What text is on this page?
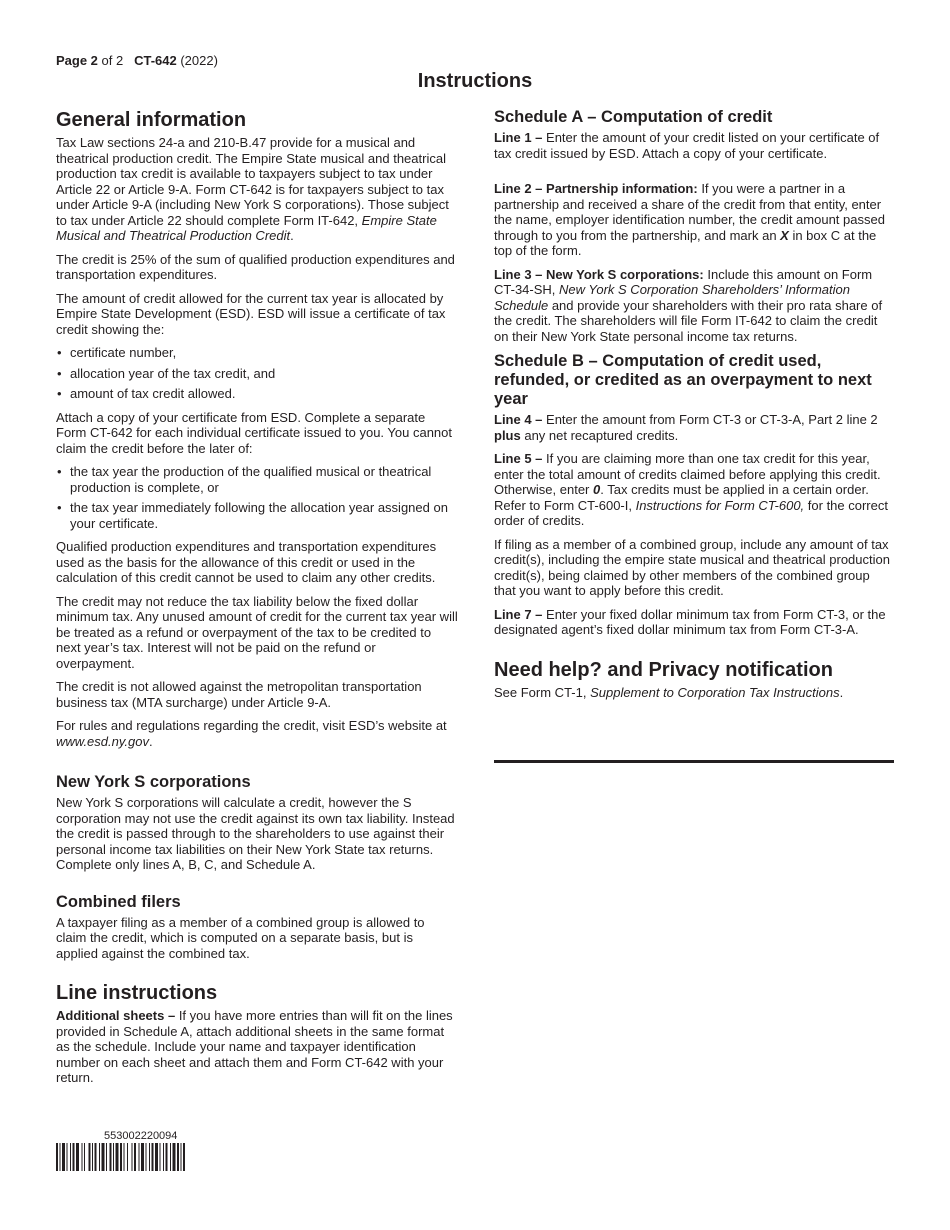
Page 2 of 2 CT-642 (2022)
Instructions
General information

Tax Law sections 24-a and 210-B.47 provide for a musical and theatrical production credit. The Empire State musical and theatrical production tax credit is available to taxpayers subject to tax under Article 22 or Article 9-A. Form CT-642 is for taxpayers subject to tax under Article 9-A (including New York S corporations). Those subject to tax under Article 22 should complete Form IT-642, Empire State Musical and Theatrical Production Credit.

The credit is 25% of the sum of qualified production expenditures and transportation expenditures.

The amount of credit allowed for the current tax year is allocated by Empire State Development (ESD). ESD will issue a certificate of tax credit showing the:

• certificate number,
• allocation year of the tax credit, and
• amount of tax credit allowed.

Attach a copy of your certificate from ESD. Complete a separate Form CT-642 for each individual certificate issued to you. You cannot claim the credit before the later of:

• the tax year the production of the qualified musical or theatrical production is complete, or
• the tax year immediately following the allocation year assigned on your certificate.

Qualified production expenditures and transportation expenditures used as the basis for the allowance of this credit or used in the calculation of this credit cannot be used to claim any other credits.

The credit may not reduce the tax liability below the fixed dollar minimum tax. Any unused amount of credit for the current tax year will be treated as a refund or overpayment of the tax to be credited to next year’s tax. Interest will not be paid on the refund or overpayment.

The credit is not allowed against the metropolitan transportation business tax (MTA surcharge) under Article 9-A.

For rules and regulations regarding the credit, visit ESD’s website at www.esd.ny.gov.

New York S corporations

New York S corporations will calculate a credit, however the S corporation may not use the credit against its own tax liability. Instead the credit is passed through to the shareholders to use against their personal income tax liabilities on their New York State tax returns. Complete only lines A, B, C, and Schedule A.

Combined filers

A taxpayer filing as a member of a combined group is allowed to claim the credit, which is computed on a separate basis, but is applied against the combined tax.

Line instructions

Additional sheets – If you have more entries than will fit on the lines provided in Schedule A, attach additional sheets in the same format as the schedule. Include your name and taxpayer identification number on each sheet and attach them and Form CT-642 with your return.

Schedule A – Computation of credit

Line 1 – Enter the amount of your credit listed on your certificate of tax credit issued by ESD. Attach a copy of your certificate.

Line 2 – Partnership information: If you were a partner in a partnership and received a share of the credit from that entity, enter the name, employer identification number, the credit amount passed through to you from the partnership, and mark an X in box C at the top of the form.

Line 3 – New York S corporations: Include this amount on Form CT-34-SH, New York S Corporation Shareholders’ Information Schedule and provide your shareholders with their pro rata share of the credit. The shareholders will file Form IT-642 to claim the credit on their New York State personal income tax returns.

Schedule B – Computation of credit used, refunded, or credited as an overpayment to next year

Line 4 – Enter the amount from Form CT-3 or CT-3-A, Part 2 line 2 plus any net recaptured credits.

Line 5 – If you are claiming more than one tax credit for this year, enter the total amount of credits claimed before applying this credit. Otherwise, enter 0. Tax credits must be applied in a certain order. Refer to Form CT-600-I, Instructions for Form CT-600, for the correct order of credits.

If filing as a member of a combined group, include any amount of tax credit(s), including the empire state musical and theatrical production credit(s), being claimed by other members of the combined group that you want to apply before this credit.

Line 7 – Enter your fixed dollar minimum tax from Form CT-3, or the designated agent’s fixed dollar minimum tax from Form CT-3-A.

Need help? and Privacy notification

See Form CT-1, Supplement to Corporation Tax Instructions.

553002220094
